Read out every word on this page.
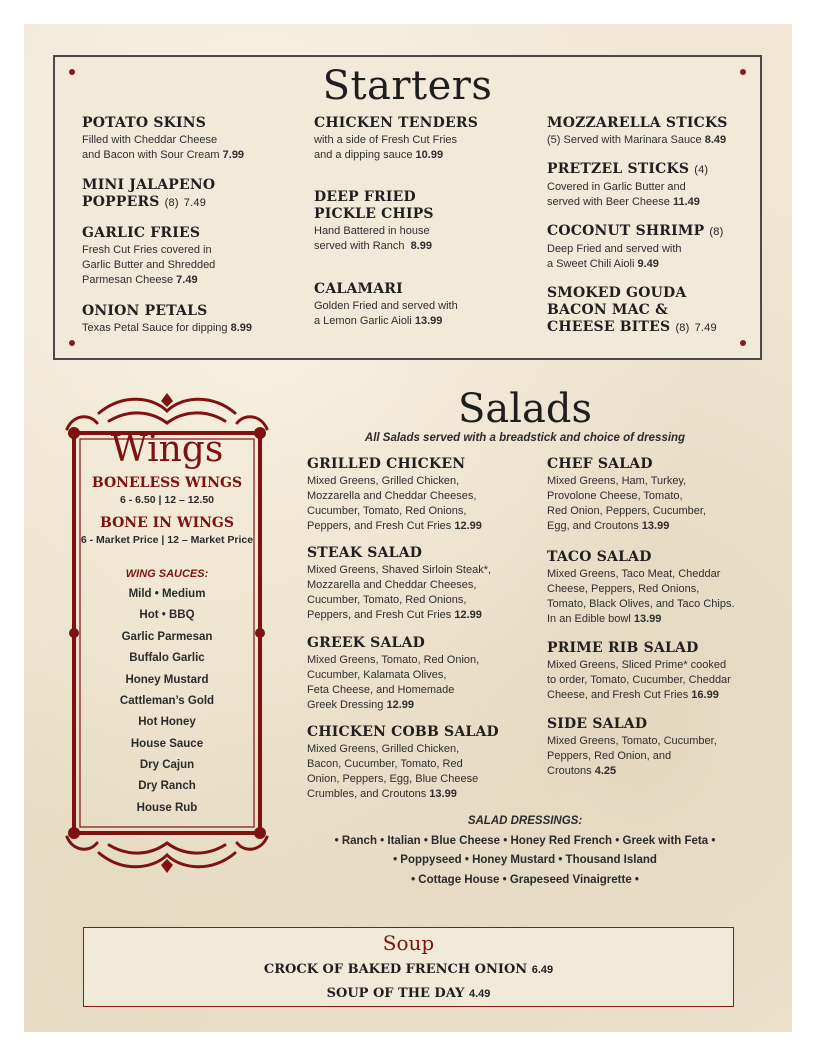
Starters
POTATO SKINS
Filled with Cheddar Cheese
and Bacon with Sour Cream 7.99
MINI JALAPENO
POPPERS (8) 7.49
GARLIC FRIES
Fresh Cut Fries covered in
Garlic Butter and Shredded
Parmesan Cheese 7.49
ONION PETALS
Texas Petal Sauce for dipping 8.99
CHICKEN TENDERS
with a side of Fresh Cut Fries
and a dipping sauce 10.99
DEEP FRIED
PICKLE CHIPS
Hand Battered in house
served with Ranch 8.99
CALAMARI
Golden Fried and served with
a Lemon Garlic Aioli 13.99
MOZZARELLA STICKS
(5) Served with Marinara Sauce 8.49
PRETZEL STICKS (4)
Covered in Garlic Butter and
served with Beer Cheese 11.49
COCONUT SHRIMP (8)
Deep Fried and served with
a Sweet Chili Aioli 9.49
SMOKED GOUDA
BACON MAC &
CHEESE BITES (8) 7.49
Wings
BONELESS WINGS
6 - 6.50 | 12 – 12.50
BONE IN WINGS
6 - Market Price | 12 – Market Price
WING SAUCES:
Mild • Medium
Hot • BBQ
Garlic Parmesan
Buffalo Garlic
Honey Mustard
Cattleman’s Gold
Hot Honey
House Sauce
Dry Cajun
Dry Ranch
House Rub
Salads
All Salads served with a breadstick and choice of dressing
GRILLED CHICKEN
Mixed Greens, Grilled Chicken,
Mozzarella and Cheddar Cheeses,
Cucumber, Tomato, Red Onions,
Peppers, and Fresh Cut Fries 12.99
STEAK SALAD
Mixed Greens, Shaved Sirloin Steak*,
Mozzarella and Cheddar Cheeses,
Cucumber, Tomato, Red Onions,
Peppers, and Fresh Cut Fries 12.99
GREEK SALAD
Mixed Greens, Tomato, Red Onion,
Cucumber, Kalamata Olives,
Feta Cheese, and Homemade
Greek Dressing 12.99
CHICKEN COBB SALAD
Mixed Greens, Grilled Chicken,
Bacon, Cucumber, Tomato, Red
Onion, Peppers, Egg, Blue Cheese
Crumbles, and Croutons 13.99
CHEF SALAD
Mixed Greens, Ham, Turkey,
Provolone Cheese, Tomato,
Red Onion, Peppers, Cucumber,
Egg, and Croutons 13.99
TACO SALAD
Mixed Greens, Taco Meat, Cheddar
Cheese, Peppers, Red Onions,
Tomato, Black Olives, and Taco Chips.
In an Edible bowl 13.99
PRIME RIB SALAD
Mixed Greens, Sliced Prime* cooked
to order, Tomato, Cucumber, Cheddar
Cheese, and Fresh Cut Fries 16.99
SIDE SALAD
Mixed Greens, Tomato, Cucumber,
Peppers, Red Onion, and
Croutons 4.25
SALAD DRESSINGS:
• Ranch • Italian • Blue Cheese • Honey Red French • Greek with Feta •
• Poppyseed • Honey Mustard • Thousand Island
• Cottage House • Grapeseed Vinaigrette •
Soup
CROCK OF BAKED FRENCH ONION 6.49
SOUP OF THE DAY 4.49
